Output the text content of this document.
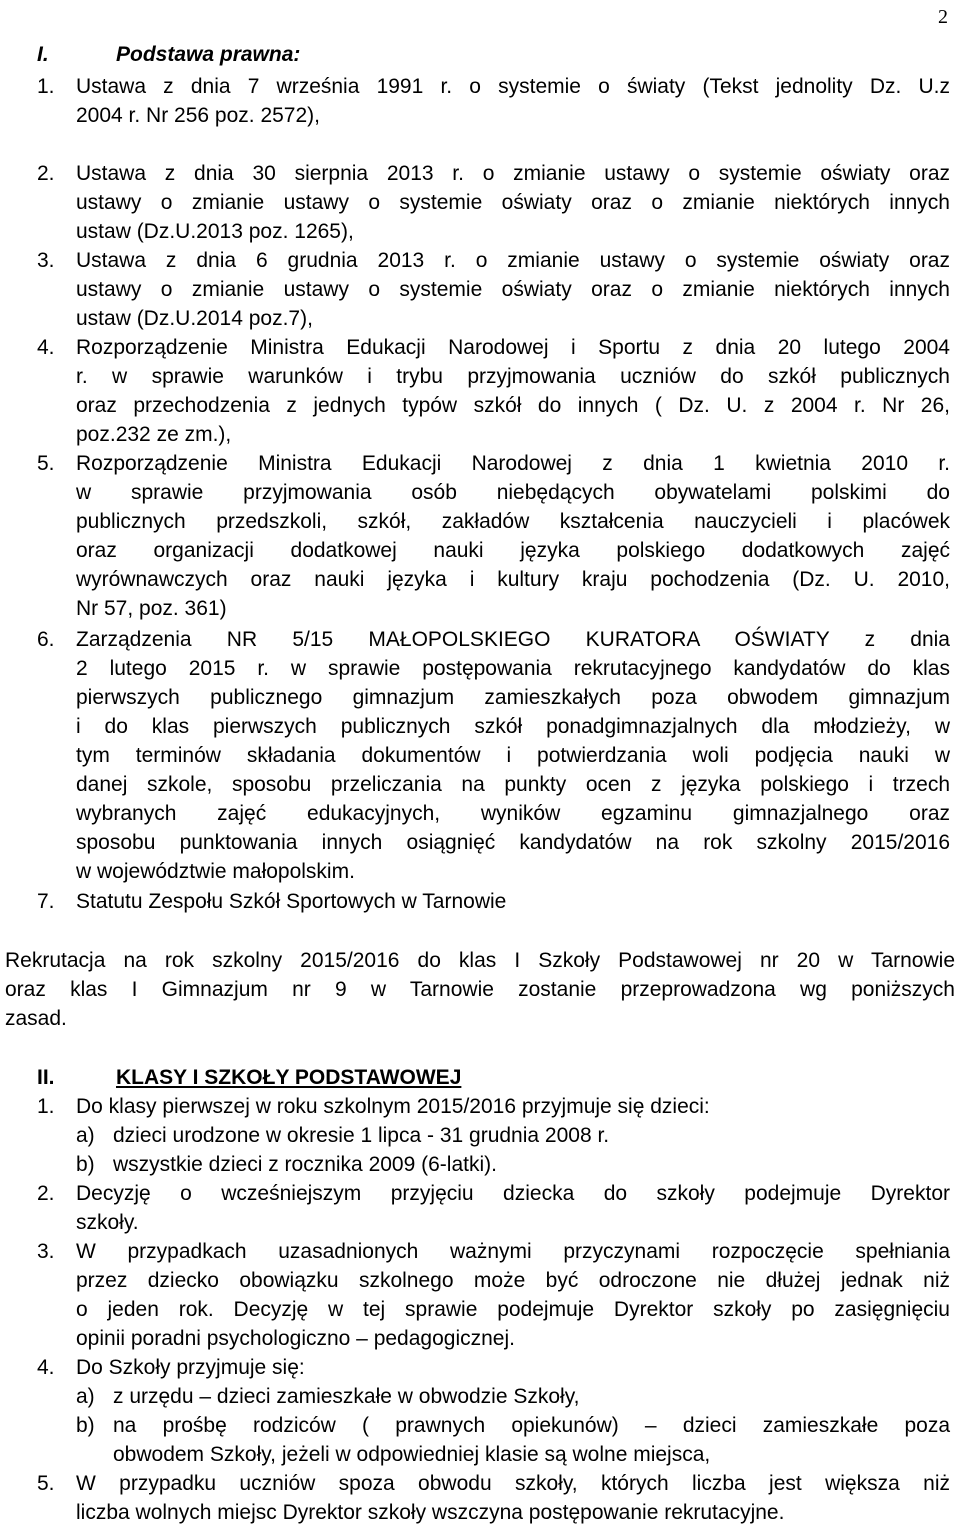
2
I.	Podstawa prawna:
1. Ustawa z dnia 7 września 1991 r. o systemie o światy (Tekst jednolity Dz. U.z
2004 r. Nr 256 poz. 2572),
2. Ustawa z dnia 30 sierpnia 2013 r. o zmianie ustawy o systemie oświaty oraz
ustawy o zmianie ustawy o systemie oświaty oraz o zmianie niektórych innych
ustaw (Dz.U.2013 poz. 1265),
3. Ustawa z dnia 6 grudnia 2013 r. o zmianie ustawy o systemie oświaty oraz
ustawy o zmianie ustawy o systemie oświaty oraz o zmianie niektórych innych
ustaw (Dz.U.2014 poz.7),
4. Rozporządzenie Ministra Edukacji Narodowej i Sportu z dnia 20 lutego 2004
r. w sprawie warunków i trybu przyjmowania uczniów do szkół publicznych
oraz przechodzenia z jednych typów szkół do innych ( Dz. U. z 2004 r. Nr 26,
poz.232 ze zm.),
5. Rozporządzenie Ministra Edukacji Narodowej z dnia 1 kwietnia 2010 r.
w sprawie przyjmowania osób niebędących obywatelami polskimi do
publicznych przedszkoli, szkół, zakładów kształcenia nauczycieli i placówek
oraz organizacji dodatkowej nauki języka polskiego dodatkowych zajęć
wyrównawczych oraz nauki języka i kultury kraju pochodzenia (Dz. U. 2010,
Nr 57, poz. 361)
6. Zarządzenia NR 5/15 MAŁOPOLSKIEGO KURATORA OŚWIATY z dnia
2 lutego 2015 r. w sprawie postępowania rekrutacyjnego kandydatów do klas
pierwszych publicznego gimnazjum zamieszkałych poza obwodem gimnazjum
i do klas pierwszych publicznych szkół ponadgimnazjalnych dla młodzieży, w
tym terminów składania dokumentów i potwierdzania woli podjęcia nauki w
danej szkole, sposobu przeliczania na punkty ocen z języka polskiego i trzech
wybranych zajęć edukacyjnych, wyników egzaminu gimnazjalnego oraz
sposobu punktowania innych osiągnięć kandydatów na rok szkolny 2015/2016
w województwie małopolskim.
7. Statutu Zespołu Szkół Sportowych w Tarnowie
Rekrutacja na rok szkolny 2015/2016 do klas I Szkoły Podstawowej nr 20 w Tarnowie
oraz klas I Gimnazjum nr 9 w Tarnowie zostanie przeprowadzona wg poniższych
zasad.
II.	KLASY I SZKOŁY PODSTAWOWEJ
1. Do klasy pierwszej w roku szkolnym 2015/2016 przyjmuje się dzieci:
a) dzieci urodzone w okresie 1 lipca - 31 grudnia 2008 r.
b) wszystkie dzieci z rocznika 2009 (6-latki).
2. Decyzję o wcześniejszym przyjęciu dziecka do szkoły podejmuje Dyrektor
szkoły.
3. W przypadkach uzasadnionych ważnymi przyczynami rozpoczęcie spełniania
przez dziecko obowiązku szkolnego może być odroczone nie dłużej jednak niż
o jeden rok. Decyzję w tej sprawie podejmuje Dyrektor szkoły po zasięgnięciu
opinii poradni psychologiczno – pedagogicznej.
4. Do Szkoły przyjmuje się:
a) z urzędu – dzieci zamieszkałe w obwodzie Szkoły,
b) na prośbę rodziców ( prawnych opiekunów) – dzieci zamieszkałe poza
obwodem Szkoły, jeżeli w odpowiedniej klasie są wolne miejsca,
5. W przypadku uczniów spoza obwodu szkoły, których liczba jest większa niż
liczba wolnych miejsc Dyrektor szkoły wszczyna postępowanie rekrutacyjne.
